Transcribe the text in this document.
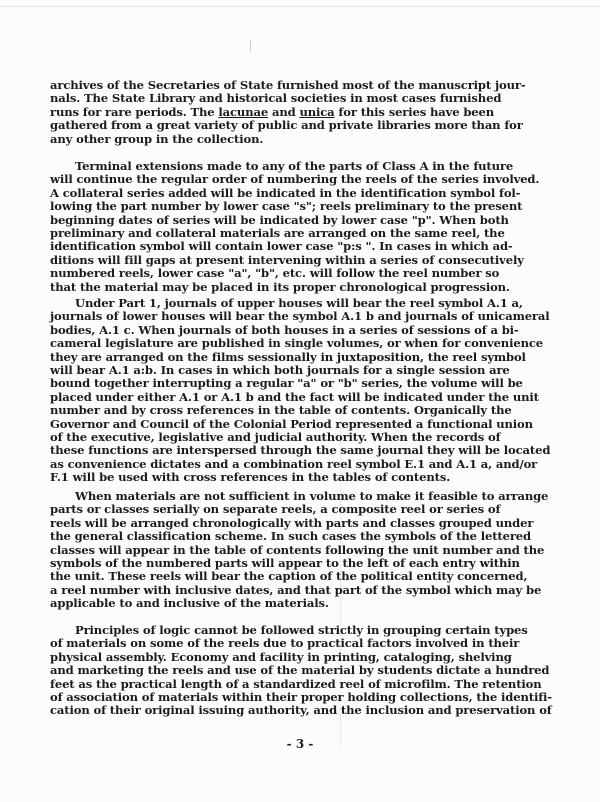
archives of the Secretaries of State furnished most of the manuscript jour-
nals. The State Library and historical societies in most cases furnished
runs for rare periods. The lacunae and unica for this series have been
gathered from a great variety of public and private libraries more than for
any other group in the collection.
Terminal extensions made to any of the parts of Class A in the future
will continue the regular order of numbering the reels of the series involved.
A collateral series added will be indicated in the identification symbol fol-
lowing the part number by lower case "s"; reels preliminary to the present
beginning dates of series will be indicated by lower case "p". When both
preliminary and collateral materials are arranged on the same reel, the
identification symbol will contain lower case "p:s ". In cases in which ad-
ditions will fill gaps at present intervening within a series of consecutively
numbered reels, lower case "a", "b", etc. will follow the reel number so
that the material may be placed in its proper chronological progression.
Under Part 1, journals of upper houses will bear the reel symbol A.1 a,
journals of lower houses will bear the symbol A.1 b and journals of unicameral
bodies, A.1 c. When journals of both houses in a series of sessions of a bi-
cameral legislature are published in single volumes, or when for convenience
they are arranged on the films sessionally in juxtaposition, the reel symbol
will bear A.1 a:b. In cases in which both journals for a single session are
bound together interrupting a regular "a" or "b" series, the volume will be
placed under either A.1 or A.1 b and the fact will be indicated under the unit
number and by cross references in the table of contents. Organically the
Governor and Council of the Colonial Period represented a functional union
of the executive, legislative and judicial authority. When the records of
these functions are interspersed through the same journal they will be located
as convenience dictates and a combination reel symbol E.1 and A.1 a, and/or
F.1 will be used with cross references in the tables of contents.
When materials are not sufficient in volume to make it feasible to arrange
parts or classes serially on separate reels, a composite reel or series of
reels will be arranged chronologically with parts and classes grouped under
the general classification scheme. In such cases the symbols of the lettered
classes will appear in the table of contents following the unit number and the
symbols of the numbered parts will appear to the left of each entry within
the unit. These reels will bear the caption of the political entity concerned,
a reel number with inclusive dates, and that part of the symbol which may be
applicable to and inclusive of the materials.
Principles of logic cannot be followed strictly in grouping certain types
of materials on some of the reels due to practical factors involved in their
physical assembly. Economy and facility in printing, cataloging, shelving
and marketing the reels and use of the material by students dictate a hundred
feet as the practical length of a standardized reel of microfilm. The retention
of association of materials within their proper holding collections, the identifi-
cation of their original issuing authority, and the inclusion and preservation of
- 3 -
